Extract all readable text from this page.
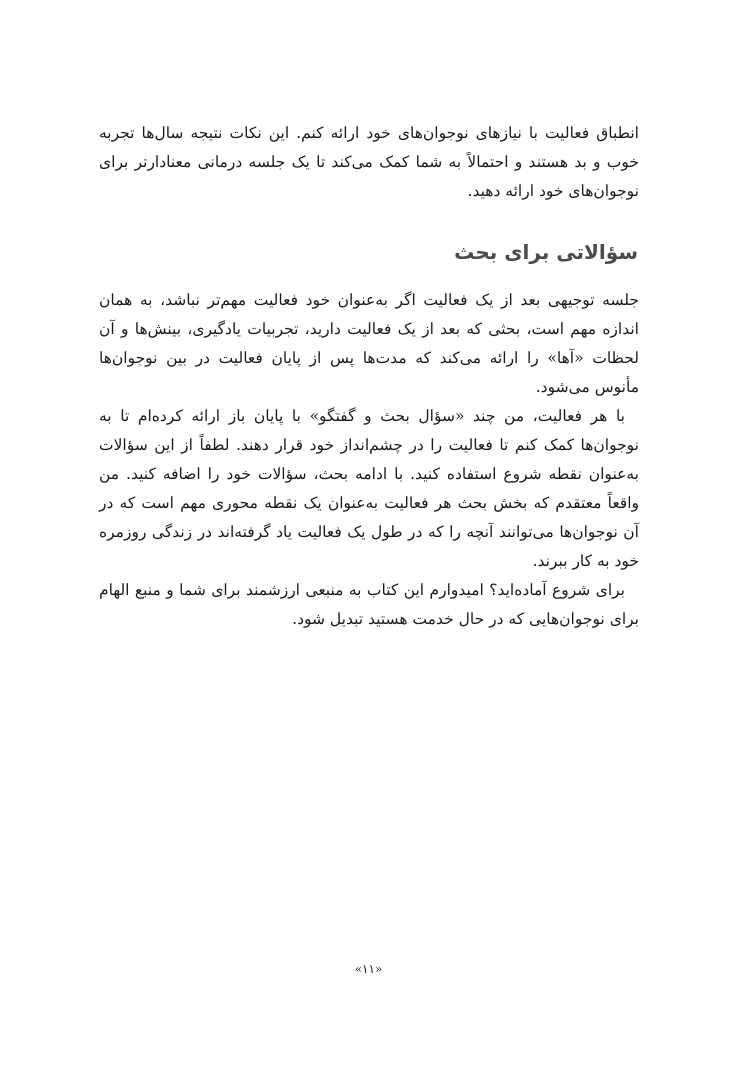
انطباق فعالیت با نیازهای نوجوان‌های خود ارائه کنم. این نکات نتیجه سال‌ها تجربه خوب و بد هستند و احتمالاً به شما کمک می‌کند تا یک جلسه درمانی معنادارتر برای نوجوان‌های خود ارائه دهید.

سؤالاتی برای بحث

جلسه توجیهی بعد از یک فعالیت اگر به‌عنوان خود فعالیت مهم‌تر نباشد، به همان اندازه مهم است، بحثی که بعد از یک فعالیت دارید، تجربیات یادگیری، بینش‌ها و آن لحظات «آها» را ارائه می‌کند که مدت‌ها پس از پایان فعالیت در بین نوجوان‌ها مأنوس می‌شود.

با هر فعالیت، من چند «سؤال بحث و گفتگو» با پایان باز ارائه کرده‌ام تا به نوجوان‌ها کمک کنم تا فعالیت را در چشم‌انداز خود قرار دهند. لطفاً از این سؤالات به‌عنوان نقطه شروع استفاده کنید. با ادامه بحث، سؤالات خود را اضافه کنید. من واقعاً معتقدم که بخش بحث هر فعالیت به‌عنوان یک نقطه محوری مهم است که در آن نوجوان‌ها می‌توانند آنچه را که در طول یک فعالیت یاد گرفته‌اند در زندگی روزمره خود به کار ببرند.

برای شروع آماده‌اید؟ امیدوارم این کتاب به منبعی ارزشمند برای شما و منبع الهام برای نوجوان‌هایی که در حال خدمت هستید تبدیل شود.

«۱۱»
